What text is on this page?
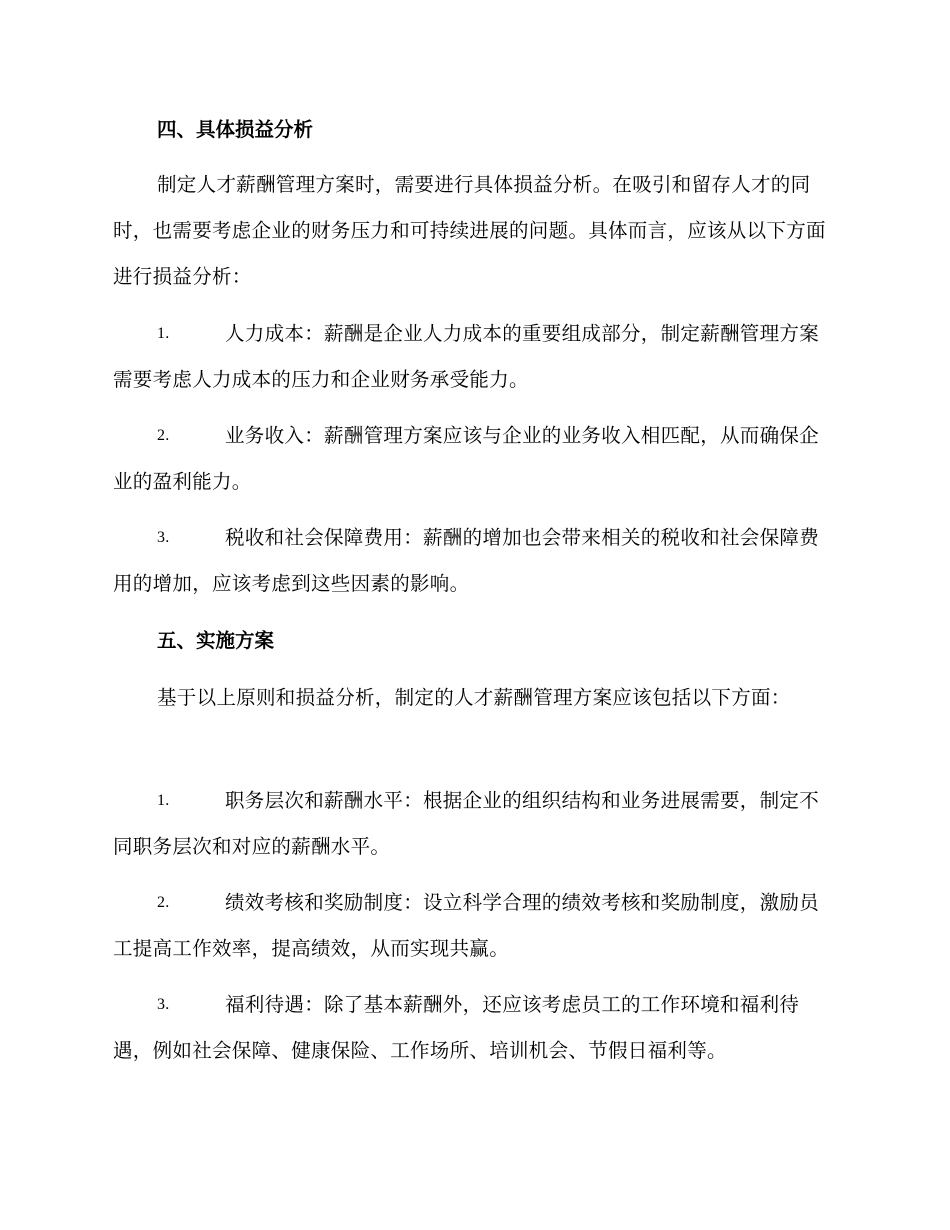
四、具体损益分析

制定人才薪酬管理方案时，需要进行具体损益分析。在吸引和留存人才的同时，也需要考虑企业的财务压力和可持续进展的问题。具体而言，应该从以下方面进行损益分析：

1.	人力成本：薪酬是企业人力成本的重要组成部分，制定薪酬管理方案需要考虑人力成本的压力和企业财务承受能力。

2.	业务收入：薪酬管理方案应该与企业的业务收入相匹配，从而确保企业的盈利能力。

3.	税收和社会保障费用：薪酬的增加也会带来相关的税收和社会保障费用的增加，应该考虑到这些因素的影响。

五、实施方案

基于以上原则和损益分析，制定的人才薪酬管理方案应该包括以下方面：

1.	职务层次和薪酬水平：根据企业的组织结构和业务进展需要，制定不同职务层次和对应的薪酬水平。

2.	绩效考核和奖励制度：设立科学合理的绩效考核和奖励制度，激励员工提高工作效率，提高绩效，从而实现共赢。

3.	福利待遇：除了基本薪酬外，还应该考虑员工的工作环境和福利待遇，例如社会保障、健康保险、工作场所、培训机会、节假日福利等。
